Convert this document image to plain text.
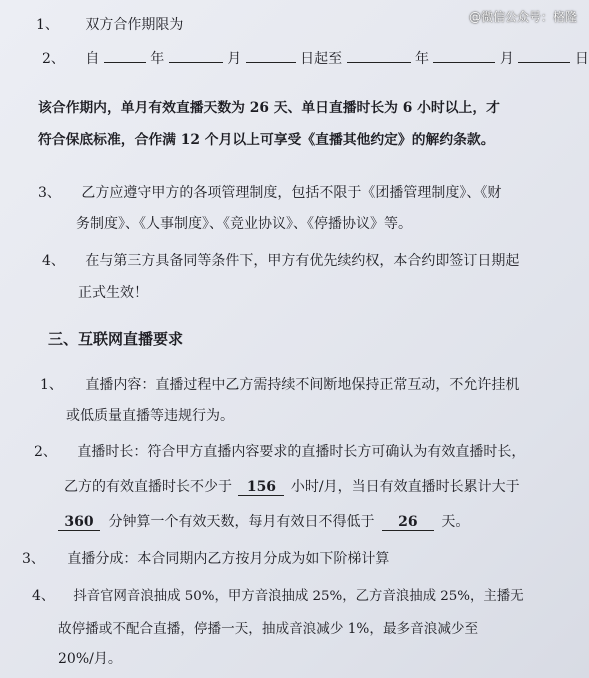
@微信公众号：格隆
1、 双方合作期限为
2、 自	年	月	日起至	年	月	日
该合作期内，单月有效直播天数为 26 天、单日直播时长为 6 小时以上，才
符合保底标准，合作满 12 个月以上可享受《直播其他约定》的解约条款。
3、 乙方应遵守甲方的各项管理制度，包括不限于《团播管理制度》、《财
务制度》、《人事制度》、《竞业协议》、《停播协议》等。
4、 在与第三方具备同等条件下，甲方有优先续约权，本合约即签订日期起
正式生效！
三、互联网直播要求
1、 直播内容：直播过程中乙方需持续不间断地保持正常互动，不允许挂机
或低质量直播等违规行为。
2、 直播时长：符合甲方直播内容要求的直播时长方可确认为有效直播时长，
乙方的有效直播时长不少于 156 小时/月，当日有效直播时长累计大于
360 分钟算一个有效天数，每月有效日不得低于 26 天。
3、 直播分成：本合同期内乙方按月分成为如下阶梯计算
4、 抖音官网音浪抽成 50%，甲方音浪抽成 25%，乙方音浪抽成 25%，主播无
故停播或不配合直播，停播一天，抽成音浪减少 1%，最多音浪减少至
20%/月。
